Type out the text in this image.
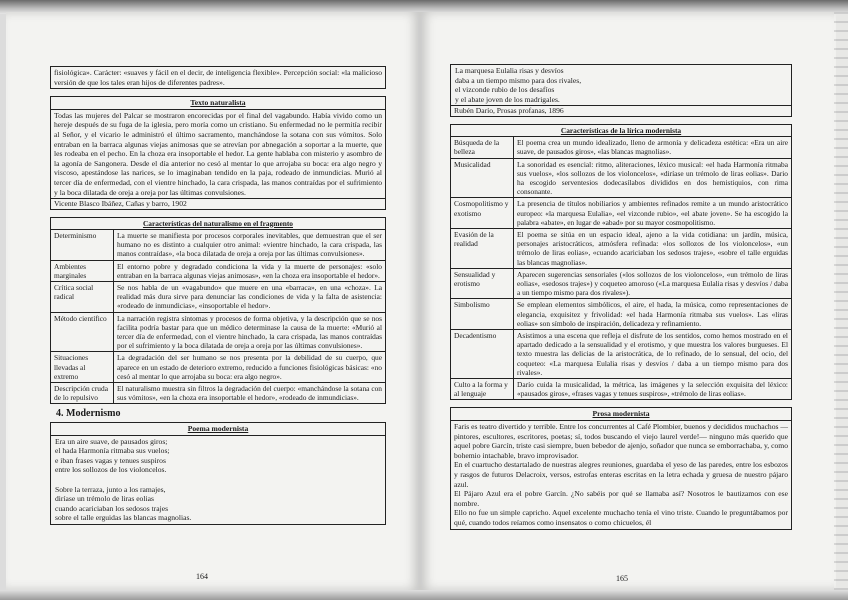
fisiológica». Carácter: «suaves y fácil en el decir, de inteligencia flexible». Percepción social: «la malicioso versión de que los tales eran hijos de diferentes padres».

Texto naturalista

Todas las mujeres del Palcar se mostraron encorecidas por el final del vagabundo. Había vivido como un hereje después de su fuga de la iglesia, pero moría como un cristiano. Su enfermedad no le permitía recibir al Señor, y el vicario le administró el último sacramento, manchándose la sotana con sus vómitos. Solo entraban en la barraca algunas viejas animosas que se atrevían por abnegación a soportar a la muerte, que les rodeaba en el pecho. En la choza era insoportable el hedor. La gente hablaba con misterio y asombro de la agonía de Sangonera. Desde el día anterior no cesó al mentar lo que arrojaba su boca: era algo negro y viscoso, apestándose las narices, se lo imaginaban tendido en la paja, rodeado de inmundicias. Murió al tercer día de enfermedad, con el vientre hinchado, la cara crispada, las manos contraídas por el sufrimiento y la boca dilatada de oreja a oreja por las últimas convulsiones.

Vicente Blasco Ibáñez, Cañas y barro, 1902
Características del naturalismo en el fragmento	
Determinismo	La muerte se manifiesta por procesos corporales inevitables, que demuestran que el ser humano no es distinto a cualquier otro animal: «vientre hinchado, la cara crispada, las manos contraídas», «la boca dilatada de oreja a oreja por las últimas convulsiones».
Ambientes marginales	El entorno pobre y degradado condiciona la vida y la muerte de personajes: «solo entraban en la barraca algunas viejas animosas», «en la choza era insoportable el hedor».
Crítica social radical	Se nos habla de un «vagabundo» que muere en una «barraca», en una «choza». La realidad más dura sirve para denunciar las condiciones de vida y la falta de asistencia: «rodeado de inmundicias», «insoportable el hedor».
Método científico	La narración registra síntomas y procesos de forma objetiva, y la descripción que se nos facilita podría bastar para que un médico determinase la causa de la muerte: «Murió al tercer día de enfermedad, con el vientre hinchado, la cara crispada, las manos contraídas por el sufrimiento y la boca dilatada de oreja a oreja por las últimas convulsiones».
Situaciones llevadas al extremo	La degradación del ser humano se nos presenta por la debilidad de su cuerpo, que aparece en un estado de deterioro extremo, reducido a funciones fisiológicas básicas: «no cesó al mentar lo que arrojaba su boca: era algo negro».
Descripción cruda de lo repulsivo	El naturalismo muestra sin filtros la degradación del cuerpo: «manchándose la sotana con sus vómitos», «en la choza era insoportable el hedor», «rodeado de inmundicias».
4. Modernismo
Poema modernista
Era un aire suave, de pausados giros;
el hada Harmonía ritmaba sus vuelos;
e iban frases vagas y tenues suspiros
entre los sollozos de los violoncelos.
Sobre la terraza, junto a los ramajes,
diríase un trémolo de liras eolias
cuando acariciaban los sedosos trajes
sobre el talle erguidas las blancas magnolias.
164
La marquesa Eulalia risas y desvíos
daba a un tiempo mismo para dos rivales,
el vizconde rubio de los desafíos
y el abate joven de los madrigales.
Rubén Darío, Prosas profanas, 1896
Características de la lírica modernista	
Búsqueda de la belleza	El poema crea un mundo idealizado, lleno de armonía y delicadeza estética: «Era un aire suave, de pausados giros», «las blancas magnolias».
Musicalidad	La sonoridad es esencial: ritmo, aliteraciones, léxico musical: «el hada Harmonía ritmaba sus vuelos», «los sollozos de los violoncelos», «diríase un trémolo de liras eolias». Dario ha escogido serventesios dodecasílabos divididos en dos hemistiquios, con rima consonante.
Cosmopolitismo y exotismo	La presencia de títulos nobiliarios y ambientes refinados remite a un mundo aristocrático europeo: «la marquesa Eulalia», «el vizconde rubio», «el abate joven». Se ha escogido la palabra «abate», en lugar de «abad» por su mayor cosmopolitismo.
Evasión de la realidad	El poema se sitúa en un espacio ideal, ajeno a la vida cotidiana: un jardín, música, personajes aristocráticos, atmósfera refinada: «los sollozos de los violoncelos», «un trémolo de liras eolias», «cuando acariciaban los sedosos trajes», «sobre el talle erguidas las blancas magnolias».
Sensualidad y erotismo	Aparecen sugerencias sensoriales («los sollozos de los violoncelos», «un trémolo de liras eolias», «sedosos trajes») y coqueteo amoroso («La marquesa Eulalia risas y desvíos / daba a un tiempo mismo para dos rivales»).
Simbolismo	Se emplean elementos simbólicos, el aire, el hada, la música, como representaciones de elegancia, exquisitez y frivolidad: «el hada Harmonía ritmaba sus vuelos». Las «liras eolias» son símbolo de inspiración, delicadeza y refinamiento.
Decadentismo	Asistimos a una escena que refleja el disfrute de los sentidos, como hemos mostrado en el apartado dedicado a la sensualidad y el erotismo, y que muestra los valores burgueses. El texto muestra las delicias de la aristocrática, de lo refinado, de lo sensual, del ocio, del coqueteo: «La marquesa Eulalia risas y desvíos / daba a un tiempo mismo para dos rivales».
Culto a la forma y al lenguaje	Darío cuida la musicalidad, la métrica, las imágenes y la selección exquisita del léxico: «pausados giros», «frases vagas y tenues suspiros», «trémolo de liras eolias».
Prosa modernista

Faris es teatro divertido y terrible. Entre los concurrentes al Café Plombier, buenos y decididos muchachos —pintores, escultores, escritores, poetas; sí, todos buscando el viejo laurel verde!— ninguno más querido que aquel pobre Garcín, triste casi siempre, buen bebedor de ajenjo, soñador que nunca se emborrachaba, y, como bohemio intachable, bravo improvisador.

En el cuartucho destartalado de nuestras alegres reuniones, guardaba el yeso de las paredes, entre los esbozos y rasgos de futuros Delacroix, versos, estrofas enteras escritas en la letra echada y gruesa de nuestro pájaro azul.

El Pájaro Azul era el pobre Garcín. ¿No sabéis por qué se llamaba así? Nosotros le bautizamos con ese nombre.

Ello no fue un simple capricho. Aquel excelente muchacho tenía el vino triste. Cuando le preguntábamos por qué, cuando todos reíamos como insensatos o como chicuelos, él

165
